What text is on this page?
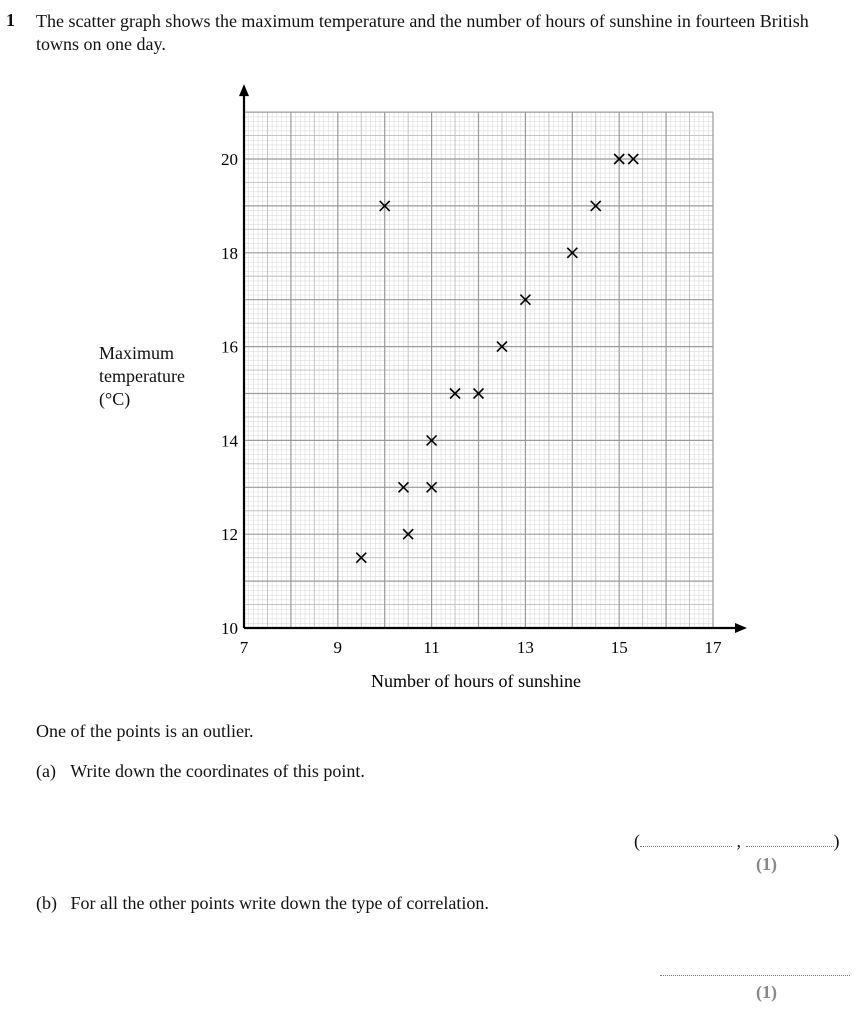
1 The scatter graph shows the maximum temperature and the number of hours of sunshine in fourteen British towns on one day.
Maximum
temperature
(°C)
7	9	11	13	15	17
10
12
14
16
18
20
Number of hours of sunshine
One of the points is an outlier.
(a) Write down the coordinates of this point.
(	,	)
(1)
(b) For all the other points write down the type of correlation.
(1)
